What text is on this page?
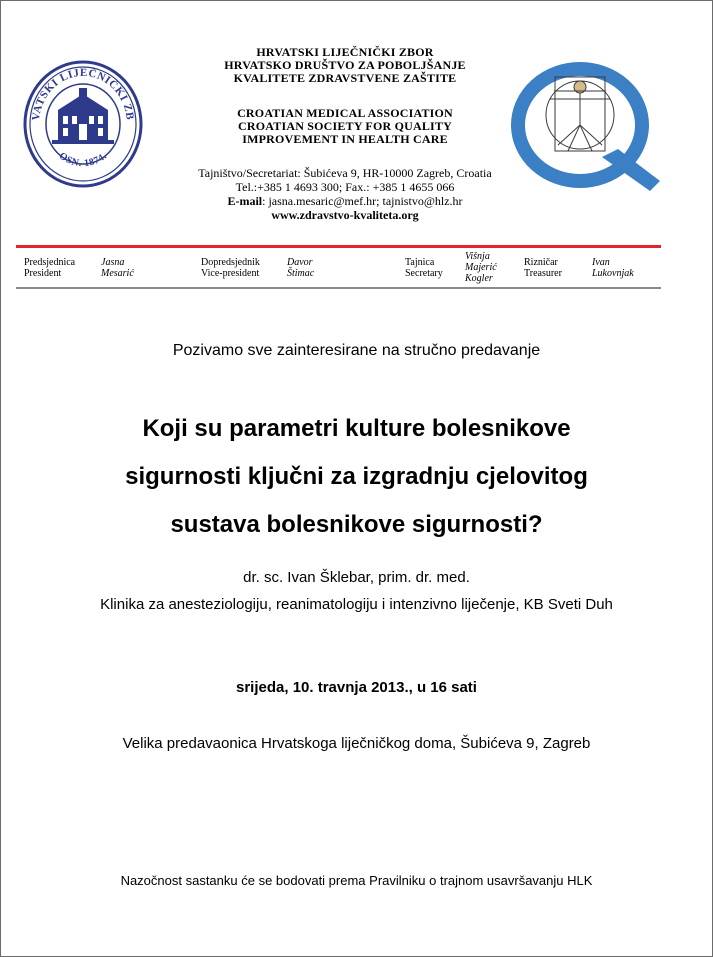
VATSKI LIJEČNIČKI ZB
OSN. 1874.
HRVATSKI LIJEČNIČKI ZBOR
HRVATSKO DRUŠTVO ZA POBOLJŠANJE
KVALITETE ZDRAVSTVENE ZAŠTITE
CROATIAN MEDICAL ASSOCIATION
CROATIAN SOCIETY FOR QUALITY
IMPROVEMENT IN HEALTH CARE
Tajništvo/Secretariat: Šubićeva 9, HR-10000 Zagreb, Croatia
Tel.:+385 1 4693 300; Fax.: +385 1 4655 066
E-mail: jasna.mesaric@mef.hr; tajnistvo@hlz.hr
www.zdravstvo-kvaliteta.org
Predsjednica
President
Jasna
Mesarić
Dopredsjednik
Vice-president
Davor
Štimac
Tajnica
Secretary
Višnja
Majerić
Kogler
Rizničar
Treasurer
Ivan
Lukovnjak
Pozivamo sve zainteresirane na stručno predavanje
Koji su parametri kulture bolesnikove
sigurnosti ključni za izgradnju cjelovitog
sustava bolesnikove sigurnosti?
dr. sc. Ivan Šklebar, prim. dr. med.
Klinika za anesteziologiju, reanimatologiju i intenzivno liječenje, KB Sveti Duh
srijeda, 10. travnja 2013., u 16 sati
Velika predavaonica Hrvatskoga liječničkog doma, Šubićeva 9, Zagreb
Nazočnost sastanku će se bodovati prema Pravilniku o trajnom usavršavanju HLK
